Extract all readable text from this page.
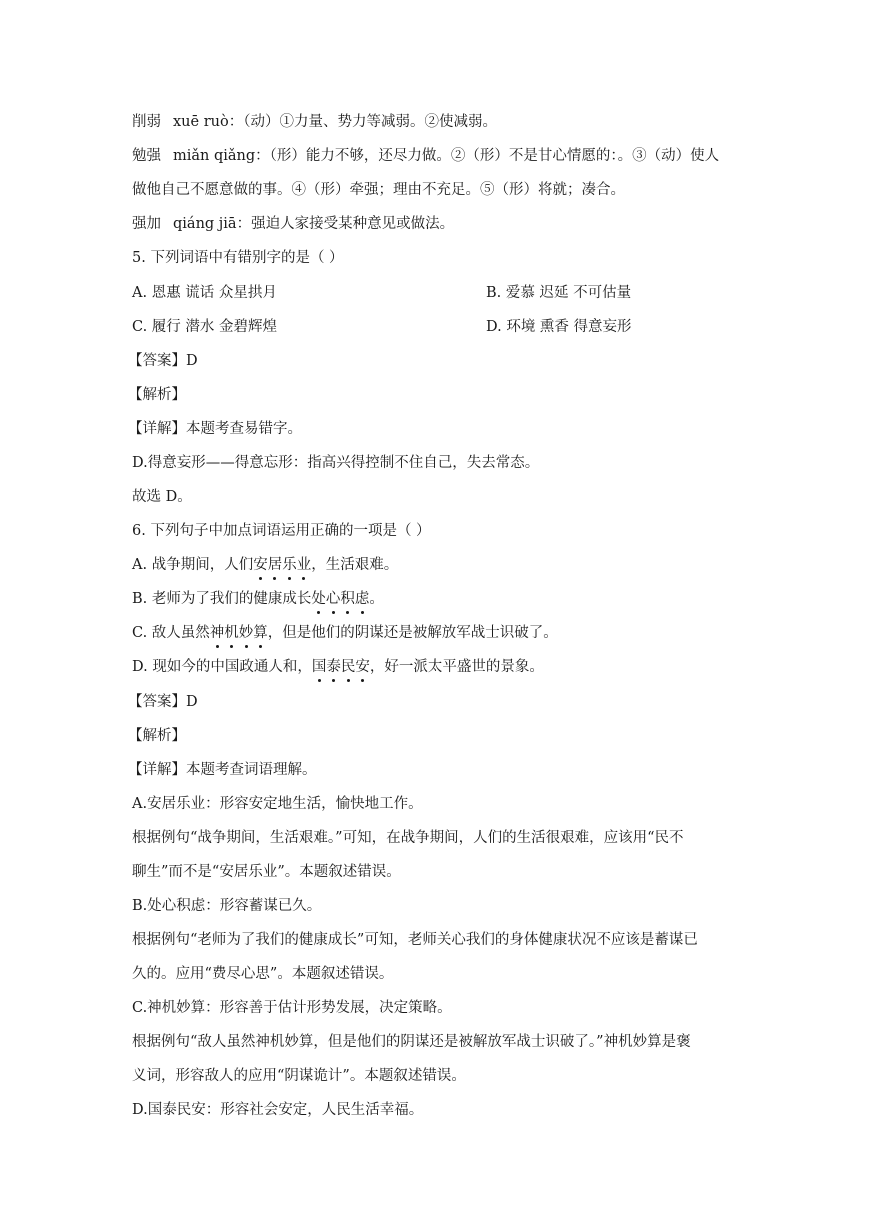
削弱 xuē ruò：（动）①力量、势力等减弱。②使减弱。
勉强 miǎn qiǎng：（形）能力不够，还尽力做。②（形）不是甘心情愿的：。③（动）使人
做他自己不愿意做的事。④（形）牵强；理由不充足。⑤（形）将就；凑合。
强加 qiáng jiā：强迫人家接受某种意见或做法。
5. 下列词语中有错别字的是（ ）
A. 恩惠 谎话 众星拱月	B. 爱慕 迟延 不可估量
C. 履行 潜水 金碧辉煌	D. 环境 熏香 得意妄形
【答案】D
【解析】
【详解】本题考查易错字。
D.得意妄形——得意忘形：指高兴得控制不住自己，失去常态。
故选 D。
6. 下列句子中加点词语运用正确的一项是（ ）
A. 战争期间，人们安居乐业，生活艰难。
B. 老师为了我们的健康成长处心积虑。
C. 敌人虽然神机妙算，但是他们的阴谋还是被解放军战士识破了。
D. 现如今的中国政通人和，国泰民安，好一派太平盛世的景象。
【答案】D
【解析】
【详解】本题考查词语理解。
A.安居乐业：形容安定地生活，愉快地工作。
根据例句“战争期间，生活艰难。”可知，在战争期间，人们的生活很艰难，应该用“民不
聊生”而不是“安居乐业”。本题叙述错误。
B.处心积虑：形容蓄谋已久。
根据例句“老师为了我们的健康成长”可知，老师关心我们的身体健康状况不应该是蓄谋已
久的。应用“费尽心思”。本题叙述错误。
C.神机妙算：形容善于估计形势发展，决定策略。
根据例句“敌人虽然神机妙算，但是他们的阴谋还是被解放军战士识破了。”神机妙算是褒
义词，形容敌人的应用“阴谋诡计”。本题叙述错误。
D.国泰民安：形容社会安定，人民生活幸福。
